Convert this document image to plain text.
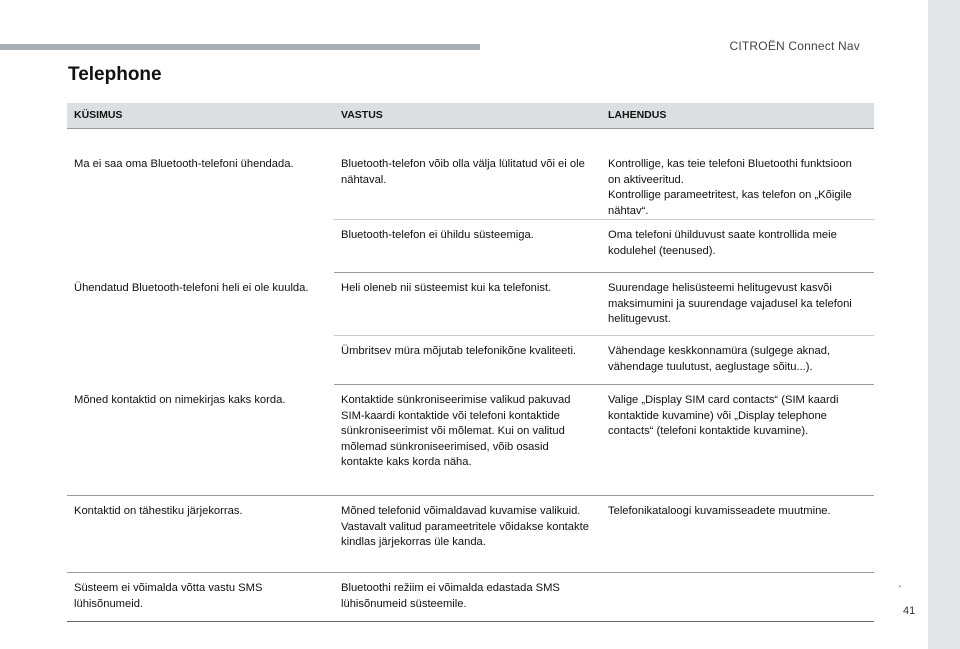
CITROËN Connect Nav
Telephone
KÜSIMUS	VASTUS	LAHENDUS
Ma ei saa oma Bluetooth-telefoni ühendada.	Bluetooth-telefon võib olla välja lülitatud või ei ole nähtaval.	Kontrollige, kas teie telefoni Bluetoothi funktsioon on aktiveeritud.
Kontrollige parameetritest, kas telefon on „Kõigile nähtav“.
	Bluetooth-telefon ei ühildu süsteemiga.	Oma telefoni ühilduvust saate kontrollida meie kodulehel (teenused).
Ühendatud Bluetooth-telefoni heli ei ole kuulda.	Heli oleneb nii süsteemist kui ka telefonist.	Suurendage helisüsteemi helitugevust kasvõi maksimumini ja suurendage vajadusel ka telefoni helitugevust.
	Ümbritsev müra mõjutab telefonikõne kvaliteeti.	Vähendage keskkonnamüra (sulgege aknad, vähendage tuulutust, aeglustage sõitu...).
Mõned kontaktid on nimekirjas kaks korda.	Kontaktide sünkroniseerimise valikud pakuvad SIM-kaardi kontaktide või telefoni kontaktide sünkroniseerimist või mõlemat. Kui on valitud mõlemad sünkroniseerimised, võib osasid kontakte kaks korda näha.	Valige „Display SIM card contacts“ (SIM kaardi kontaktide kuvamine) või „Display telephone contacts“ (telefoni kontaktide kuvamine).
Kontaktid on tähestiku järjekorras.	Mõned telefonid võimaldavad kuvamise valikuid. Vastavalt valitud parameetritele võidakse kontakte kindlas järjekorras üle kanda.	Telefonikataloogi kuvamisseadete muutmine.
Süsteem ei võimalda võtta vastu SMS lühisõnumeid.	Bluetoothi režiim ei võimalda edastada SMS lühisõnumeid süsteemile.	
.
41
